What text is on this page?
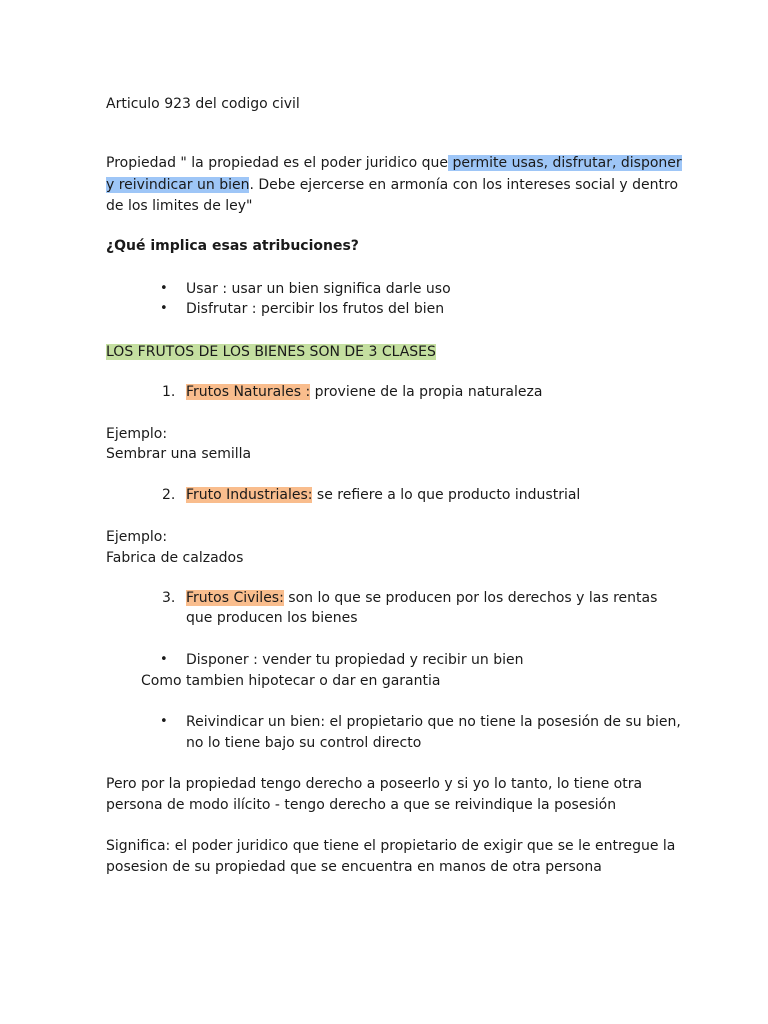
Articulo 923 del codigo civil
Propiedad " la propiedad es el poder juridico que permite usas, disfrutar, disponer
y reivindicar un bien. Debe ejercerse en armonía con los intereses social y dentro
de los limites de ley"
¿Qué implica esas atribuciones?
• Usar : usar un bien significa darle uso
• Disfrutar : percibir los frutos del bien
LOS FRUTOS DE LOS BIENES SON DE 3 CLASES
1. Frutos Naturales : proviene de la propia naturaleza
Ejemplo:
Sembrar una semilla
2. Fruto Industriales: se refiere a lo que producto industrial
Ejemplo:
Fabrica de calzados
3. Frutos Civiles: son lo que se producen por los derechos y las rentas
que producen los bienes
• Disponer : vender tu propiedad y recibir un bien
Como tambien hipotecar o dar en garantia
• Reivindicar un bien: el propietario que no tiene la posesión de su bien,
no lo tiene bajo su control directo
Pero por la propiedad tengo derecho a poseerlo y si yo lo tanto, lo tiene otra
persona de modo ilícito - tengo derecho a que se reivindique la posesión
Significa: el poder juridico que tiene el propietario de exigir que se le entregue la
posesion de su propiedad que se encuentra en manos de otra persona
